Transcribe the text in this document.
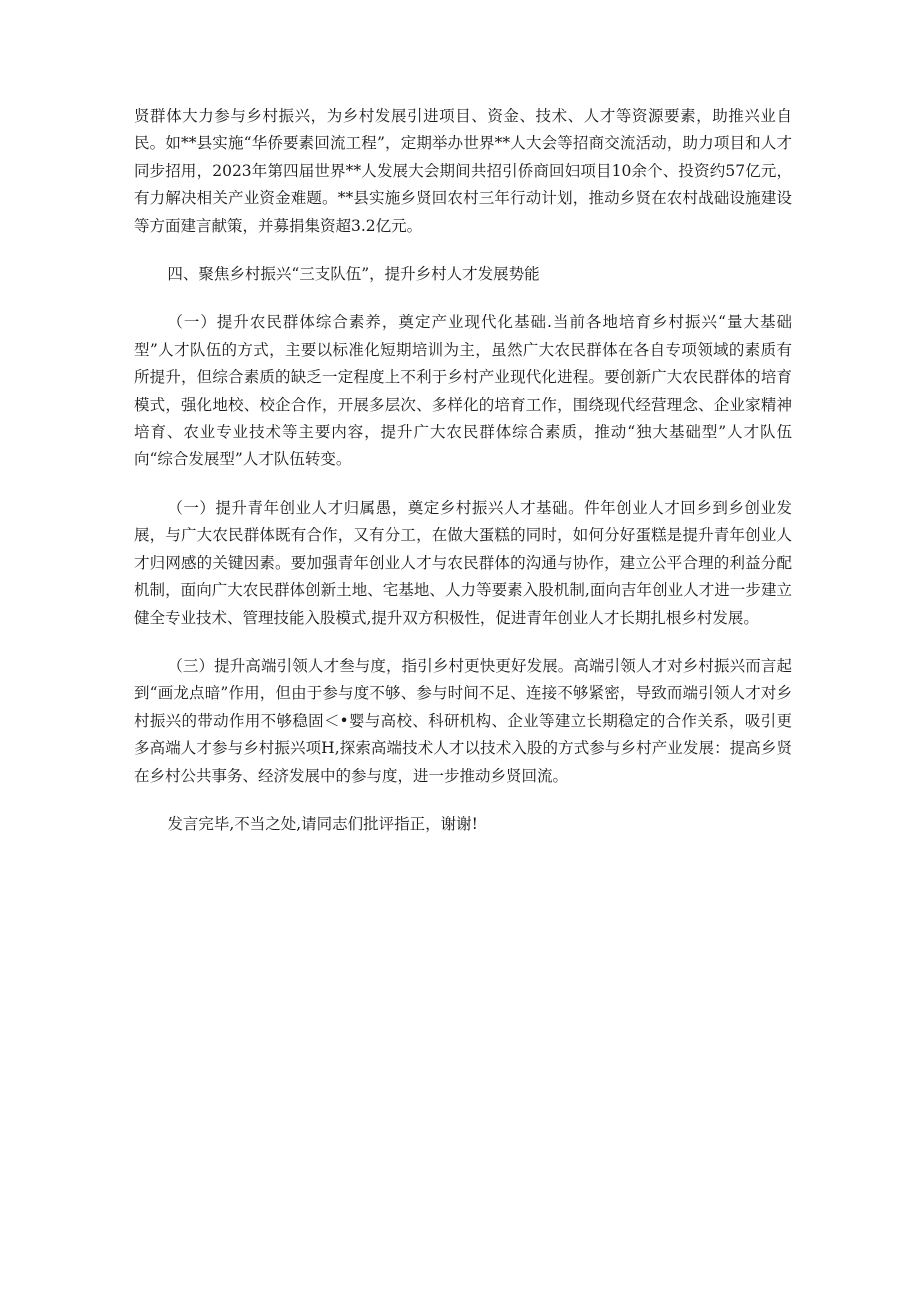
贤群体大力参与乡村振兴，为乡村发展引进项目、资金、技术、人才等资源要素，助推兴业自民。如**县实施“华侨要素回流工程”，定期举办世界**人大会等招商交流活动，助力项目和人才同步招用，2023年第四届世界**人发展大会期间共招引侨商回妇项目10余个、投资约57亿元，有力解决相关产业资金难题。**县实施乡贤回农村三年行动计划，推动乡贤在农村战础设施建设等方面建言献策，并募捐集资超3.2亿元。

四、聚焦乡村振兴“三支队伍”，提升乡村人才发展势能

（一）提升农民群体综合素养，奠定产业现代化基础.当前各地培育乡村振兴“量大基础型”人才队伍的方式，主要以标准化短期培训为主，虽然广大农民群体在各自专项领域的素质有所提升，但综合素质的缺乏一定程度上不利于乡村产业现代化进程。要创新广大农民群体的培育模式，强化地校、校企合作，开展多层次、多样化的培育工作，围绕现代经营理念、企业家精神培育、农业专业技术等主要内容，提升广大农民群体综合素质，推动“独大基础型”人才队伍向“综合发展型”人才队伍转变。

（一）提升青年创业人才归属愚，奠定乡村振兴人才基础。件年创业人才回乡到乡创业发展，与广大农民群体既有合作，又有分工，在做大蛋糕的同时，如何分好蛋糕是提升青年创业人才归网感的关键因素。要加强青年创业人才与农民群体的沟通与协作，建立公平合理的利益分配机制，面向广大农民群体创新土地、宅基地、人力等要素入股机制,面向吉年创业人才进一步建立健全专业技术、管理技能入股模式,提升双方积极性，促进青年创业人才长期扎根乡村发展。

（三）提升高端引领人才叁与度，指引乡村更快更好发展。高端引领人才对乡村振兴而言起到“画龙点暗”作用，但由于参与度不够、参与时间不足、连接不够紧密，导致而端引领人才对乡村振兴的带动作用不够稳固＜•婴与高校、科研机构、企业等建立长期稳定的合作关系，吸引更多高端人才参与乡村振兴项H,探索高端技术人才以技术入股的方式参与乡村产业发展：提高乡贤在乡村公共事务、经济发展中的参与度，进一步推动乡贤回流。

发言完毕,不当之处,请同志们批评指正，谢谢!
